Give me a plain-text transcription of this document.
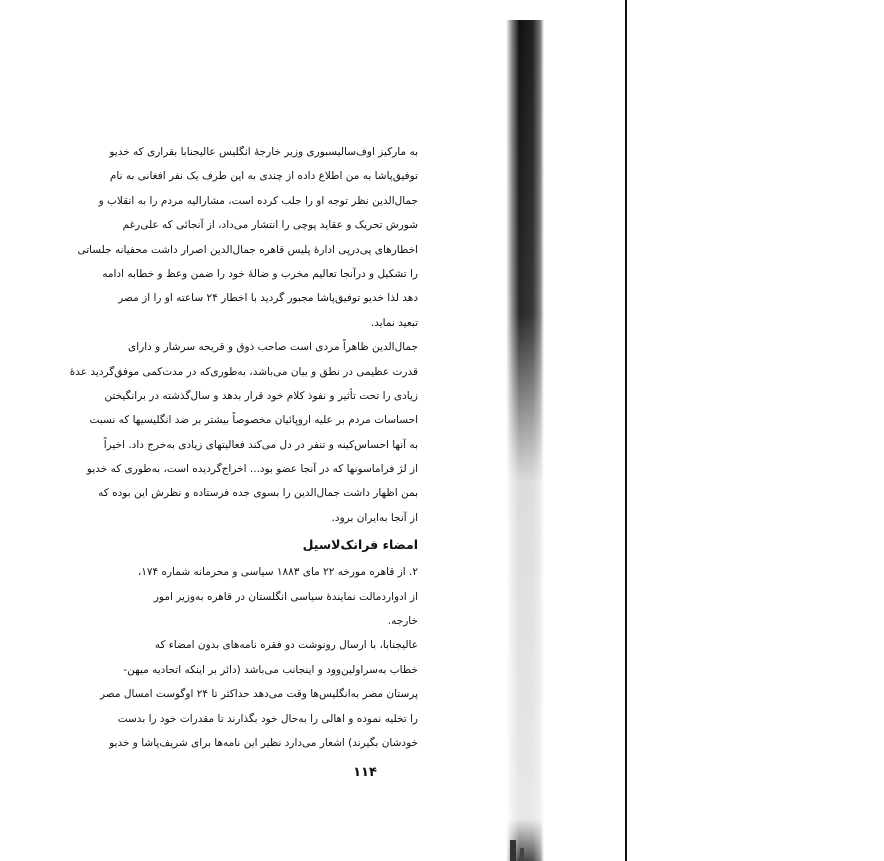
به مارکیز اوف‌سالیسبوری وزیر خارجهٔ انگلیس عالیجنابا بقراری که خدیو
توفیق‌پاشا به من اطلاع داده از چندی به این طرف یک نفر افغانی به نام
جمال‌الدین نظر توجه او را جلب کرده است، مشارالیه مردم را به انقلاب و
شورش تحریک و عقاید پوچی را انتشار می‌داد، از آنجائی که علی‌رغم
اخطارهای پی‌درپی ادارهٔ پلیس قاهره جمال‌الدین اصرار داشت محفیانه جلساتی
را تشکیل و درآنجا تعالیم مخرب و ضالهٔ خود را ضمن وعظ و خطابه ادامه
دهد لذا خدیو توفیق‌پاشا مجبور گردید با اخطار ۲۴ ساعته او را از مصر
تبعید نماید.
جمال‌الدین ظاهراً مردی است صاحب ذوق و قریحه سرشار و دارای
قدرت عظیمی در نطق و بیان می‌باشد، به‌طوری‌که در مدت‌کمی موفق‌گردید عدهٔ
زیادی را تحت تأثیر و نفوذ کلام خود قرار بدهد و سال‌گذشته در برانگیختن
احساسات مردم بر علیه اروپائیان مخصوصاً بیشتر بر ضد انگلیسیها که نسبت
به آنها احساس‌کینه و تنفر در دل می‌کند فعالیتهای زیادی به‌خرج داد. اخیراً
از لژ فراماسونها که در آنجا عضو بود... اخراج‌گردیده است، به‌طوری که خدیو
بمن اظهار داشت جمال‌الدین را بسوی جده فرستاده و نظرش این بوده که
از آنجا به‌ایران برود.
امضاء فرانک‌لاسیل
۲. از قاهره مورخه ۲۲ مای ۱۸۸۳ سیاسی و محرمانه شماره ۱۷۴،
از ادواردمالت نمایندهٔ سیاسی انگلستان در قاهره به‌وزیر امور
خارجه.
عالیجنابا، با ارسال رونوشت دو فقره نامه‌های بدون امضاء که
خطاب به‌سراولین‌وود و اینجانب می‌باشد (دائر بر اینکه اتحادیه میهن-
پرستان مصر به‌انگلیس‌ها وقت می‌دهد حداکثر تا ۲۴ اوگوست امسال مصر
را تخلیه نموده و اهالی را به‌حال خود بگذارند تا مقدرات خود را بدست
خودشان بگیرند) اشعار می‌دارد نظیر این نامه‌ها برای شریف‌پاشا و خدیو
۱۱۴
